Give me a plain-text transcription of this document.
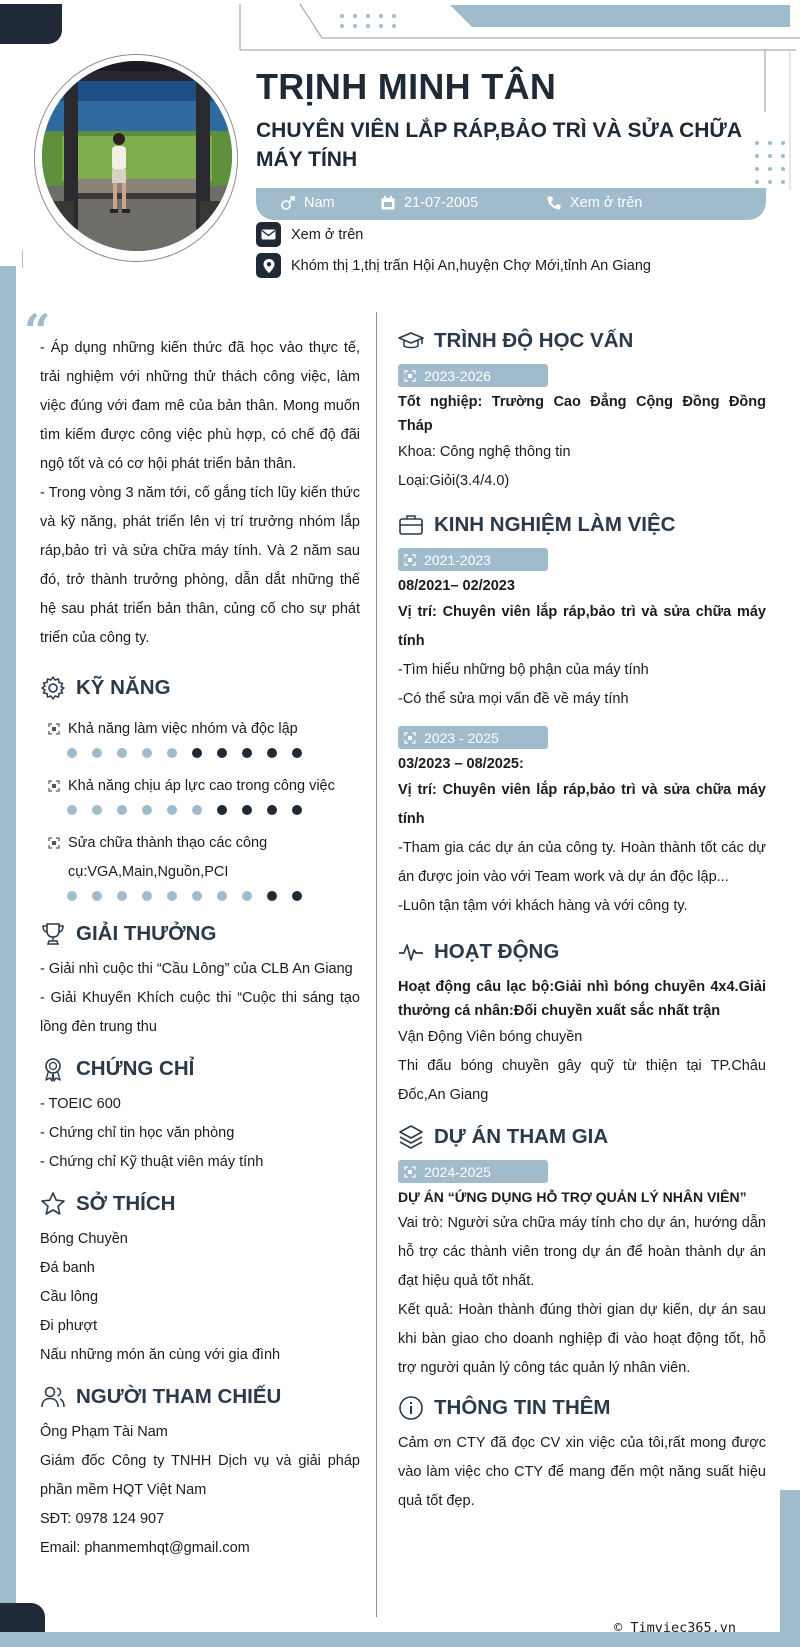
TRỊNH MINH TÂN
CHUYÊN VIÊN LẮP RÁP,BẢO TRÌ VÀ SỬA CHỮA MÁY TÍNH
Nam	21-07-2005	Xem ở trên
Xem ở trên
Khóm thị 1,thị trấn Hội An,huyện Chợ Mới,tỉnh An Giang
“

- Áp dụng những kiến thức đã học vào thực tế, trải nghiệm với những thử thách công việc, làm việc đúng với đam mê của bản thân. Mong muốn tìm kiếm được công việc phù hợp, có chế độ đãi ngộ tốt và có cơ hội phát triển bản thân.

- Trong vòng 3 năm tới, cố gắng tích lũy kiến thức và kỹ năng, phát triển lên vị trí trưởng nhóm lắp ráp,bảo trì và sửa chữa máy tính. Và 2 năm sau đó, trở thành trưởng phòng, dẫn dắt những thế hệ sau phát triển bản thân, củng cố cho sự phát triển của công ty.

KỸ NĂNG
Khả năng làm việc nhóm và độc lập
Khả năng chịu áp lực cao trong công việc
Sửa chữa thành thạo các công cụ:VGA,Main,Nguồn,PCI
GIẢI THƯỞNG

- Giải nhì cuộc thi “Cầu Lông” của CLB An Giang

- Giải Khuyến Khích cuộc thi “Cuộc thi sáng tạo lồng đèn trung thu

CHỨNG CHỈ

- TOEIC 600

- Chứng chỉ tin học văn phòng

- Chứng chỉ Kỹ thuật viên máy tính

SỞ THÍCH

Bóng Chuyền

Đá banh

Cầu lông

Đi phượt

Nấu những món ăn cùng với gia đình

NGƯỜI THAM CHIẾU

Ông Phạm Tài Nam

Giám đốc Công ty TNHH Dịch vụ và giải pháp phần mềm HQT Việt Nam

SĐT: 0978 124 907

Email: phanmemhqt@gmail.com

TRÌNH ĐỘ HỌC VẤN
2023-2026

Tốt nghiệp: Trường Cao Đẳng Cộng Đồng Đồng Tháp

Khoa: Công nghệ thông tin

Loại:Giỏi(3.4/4.0)

KINH NGHIỆM LÀM VIỆC
2021-2023

08/2021– 02/2023

Vị trí: Chuyên viên lắp ráp,bảo trì và sửa chữa máy tính

-Tìm hiểu những bộ phận của máy tính

-Có thể sửa mọi vấn đề về máy tính

2023 - 2025

03/2023 – 08/2025:

Vị trí: Chuyên viên lắp ráp,bảo trì và sửa chữa máy tính

-Tham gia các dự án của công ty. Hoàn thành tốt các dự án được join vào với Team work và dự án độc lập...

-Luôn tận tậm với khách hàng và với công ty.

HOẠT ĐỘNG

Hoạt động câu lạc bộ:Giải nhì bóng chuyền 4x4.Giải thưởng cá nhân:Đối chuyền xuất sắc nhất trận

Vận Động Viên bóng chuyền

Thi đấu bóng chuyền gây quỹ từ thiện tại TP.Châu Đốc,An Giang

DỰ ÁN THAM GIA
2024-2025

DỰ ÁN “ỨNG DỤNG HỖ TRỢ QUẢN LÝ NHÂN VIÊN”

Vai trò: Người sửa chữa máy tính cho dự án, hướng dẫn hỗ trợ các thành viên trong dự án để hoàn thành dự án đạt hiệu quả tốt nhất.

Kết quả: Hoàn thành đúng thời gian dự kiến, dự án sau khi bàn giao cho doanh nghiệp đi vào hoạt động tốt, hỗ trợ người quản lý công tác quản lý nhân viên.

THÔNG TIN THÊM

Cảm ơn CTY đã đọc CV xin việc của tôi,rất mong được vào làm việc cho CTY để mang đến một năng suất hiệu quả tốt đẹp.

© Timviec365.vn
